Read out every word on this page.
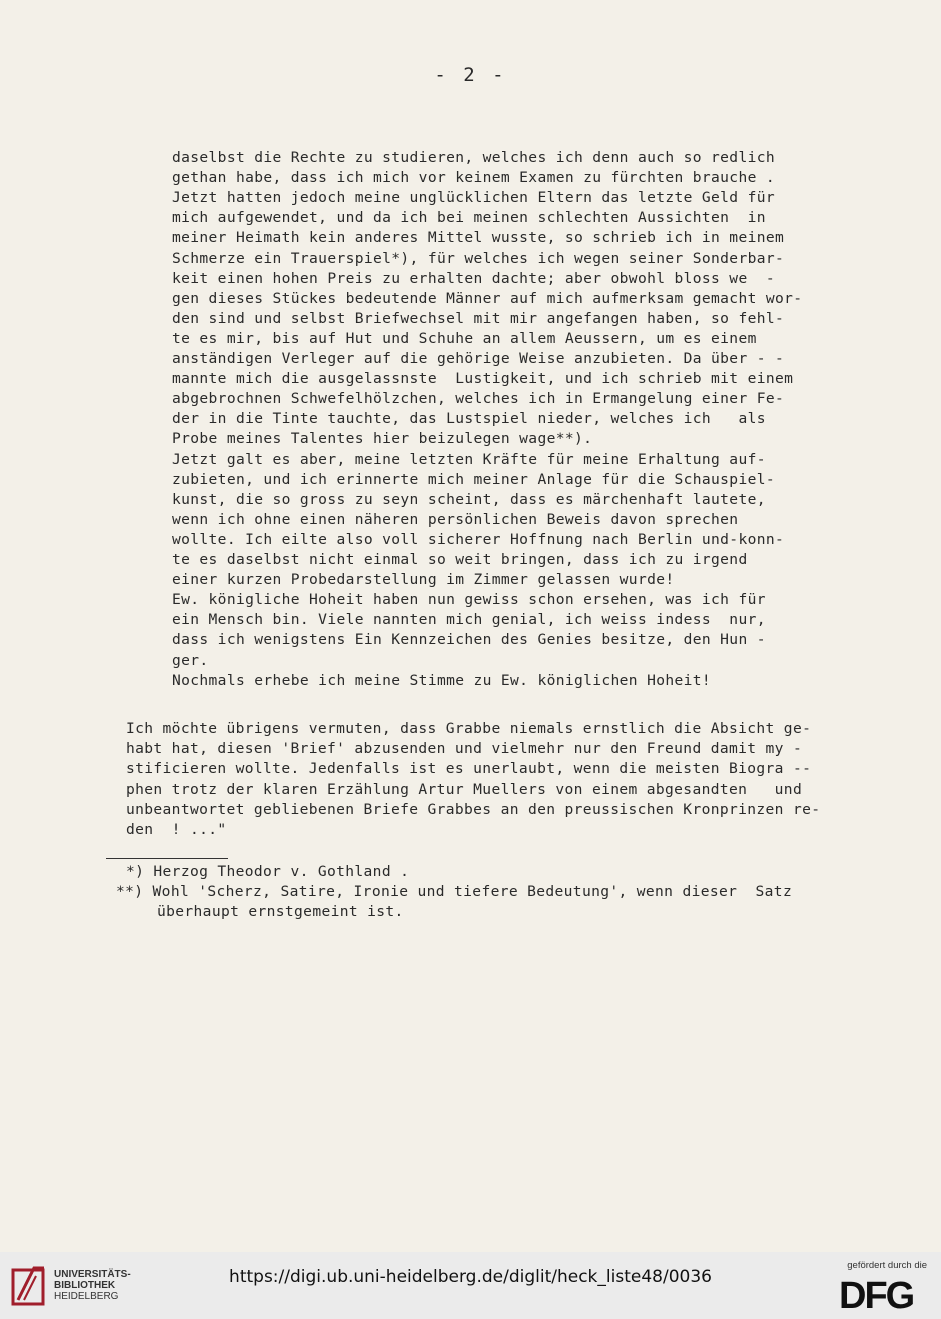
- 2 -
daselbst die Rechte zu studieren, welches ich denn auch so redlich
gethan habe, dass ich mich vor keinem Examen zu fürchten brauche .
Jetzt hatten jedoch meine unglücklichen Eltern das letzte Geld für
mich aufgewendet, und da ich bei meinen schlechten Aussichten  in
meiner Heimath kein anderes Mittel wusste, so schrieb ich in meinem
Schmerze ein Trauerspiel*), für welches ich wegen seiner Sonderbar-
keit einen hohen Preis zu erhalten dachte; aber obwohl bloss we  -
gen dieses Stückes bedeutende Männer auf mich aufmerksam gemacht wor-
den sind und selbst Briefwechsel mit mir angefangen haben, so fehl-
te es mir, bis auf Hut und Schuhe an allem Aeussern, um es einem
anständigen Verleger auf die gehörige Weise anzubieten. Da über - -
mannte mich die ausgelassnste  Lustigkeit, und ich schrieb mit einem
abgebrochnen Schwefelhölzchen, welches ich in Ermangelung einer Fe-
der in die Tinte tauchte, das Lustspiel nieder, welches ich   als
Probe meines Talentes hier beizulegen wage**).
Jetzt galt es aber, meine letzten Kräfte für meine Erhaltung auf-
zubieten, und ich erinnerte mich meiner Anlage für die Schauspiel-
kunst, die so gross zu seyn scheint, dass es märchenhaft lautete,
wenn ich ohne einen näheren persönlichen Beweis davon sprechen
wollte. Ich eilte also voll sicherer Hoffnung nach Berlin und-konn-
te es daselbst nicht einmal so weit bringen, dass ich zu irgend
einer kurzen Probedarstellung im Zimmer gelassen wurde!
Ew. königliche Hoheit haben nun gewiss schon ersehen, was ich für
ein Mensch bin. Viele nannten mich genial, ich weiss indess  nur,
dass ich wenigstens Ein Kennzeichen des Genies besitze, den Hun -
ger.
Nochmals erhebe ich meine Stimme zu Ew. königlichen Hoheit!
Ich möchte übrigens vermuten, dass Grabbe niemals ernstlich die Absicht ge-
habt hat, diesen 'Brief' abzusenden und vielmehr nur den Freund damit my -
stificieren wollte. Jedenfalls ist es unerlaubt, wenn die meisten Biogra --
phen trotz der klaren Erzählung Artur Muellers von einem abgesandten   und
unbeantwortet gebliebenen Briefe Grabbes an den preussischen Kronprinzen re-
den  ! ..."
*) Herzog Theodor v. Gothland .
**) Wohl 'Scherz, Satire, Ironie und tiefere Bedeutung', wenn dieser  Satz
überhaupt ernstgemeint ist.
UNIVERSITÄTS-
BIBLIOTHEK
HEIDELBERG
https://digi.ub.uni-heidelberg.de/diglit/heck_liste48/0036
gefördert durch die
DFG
